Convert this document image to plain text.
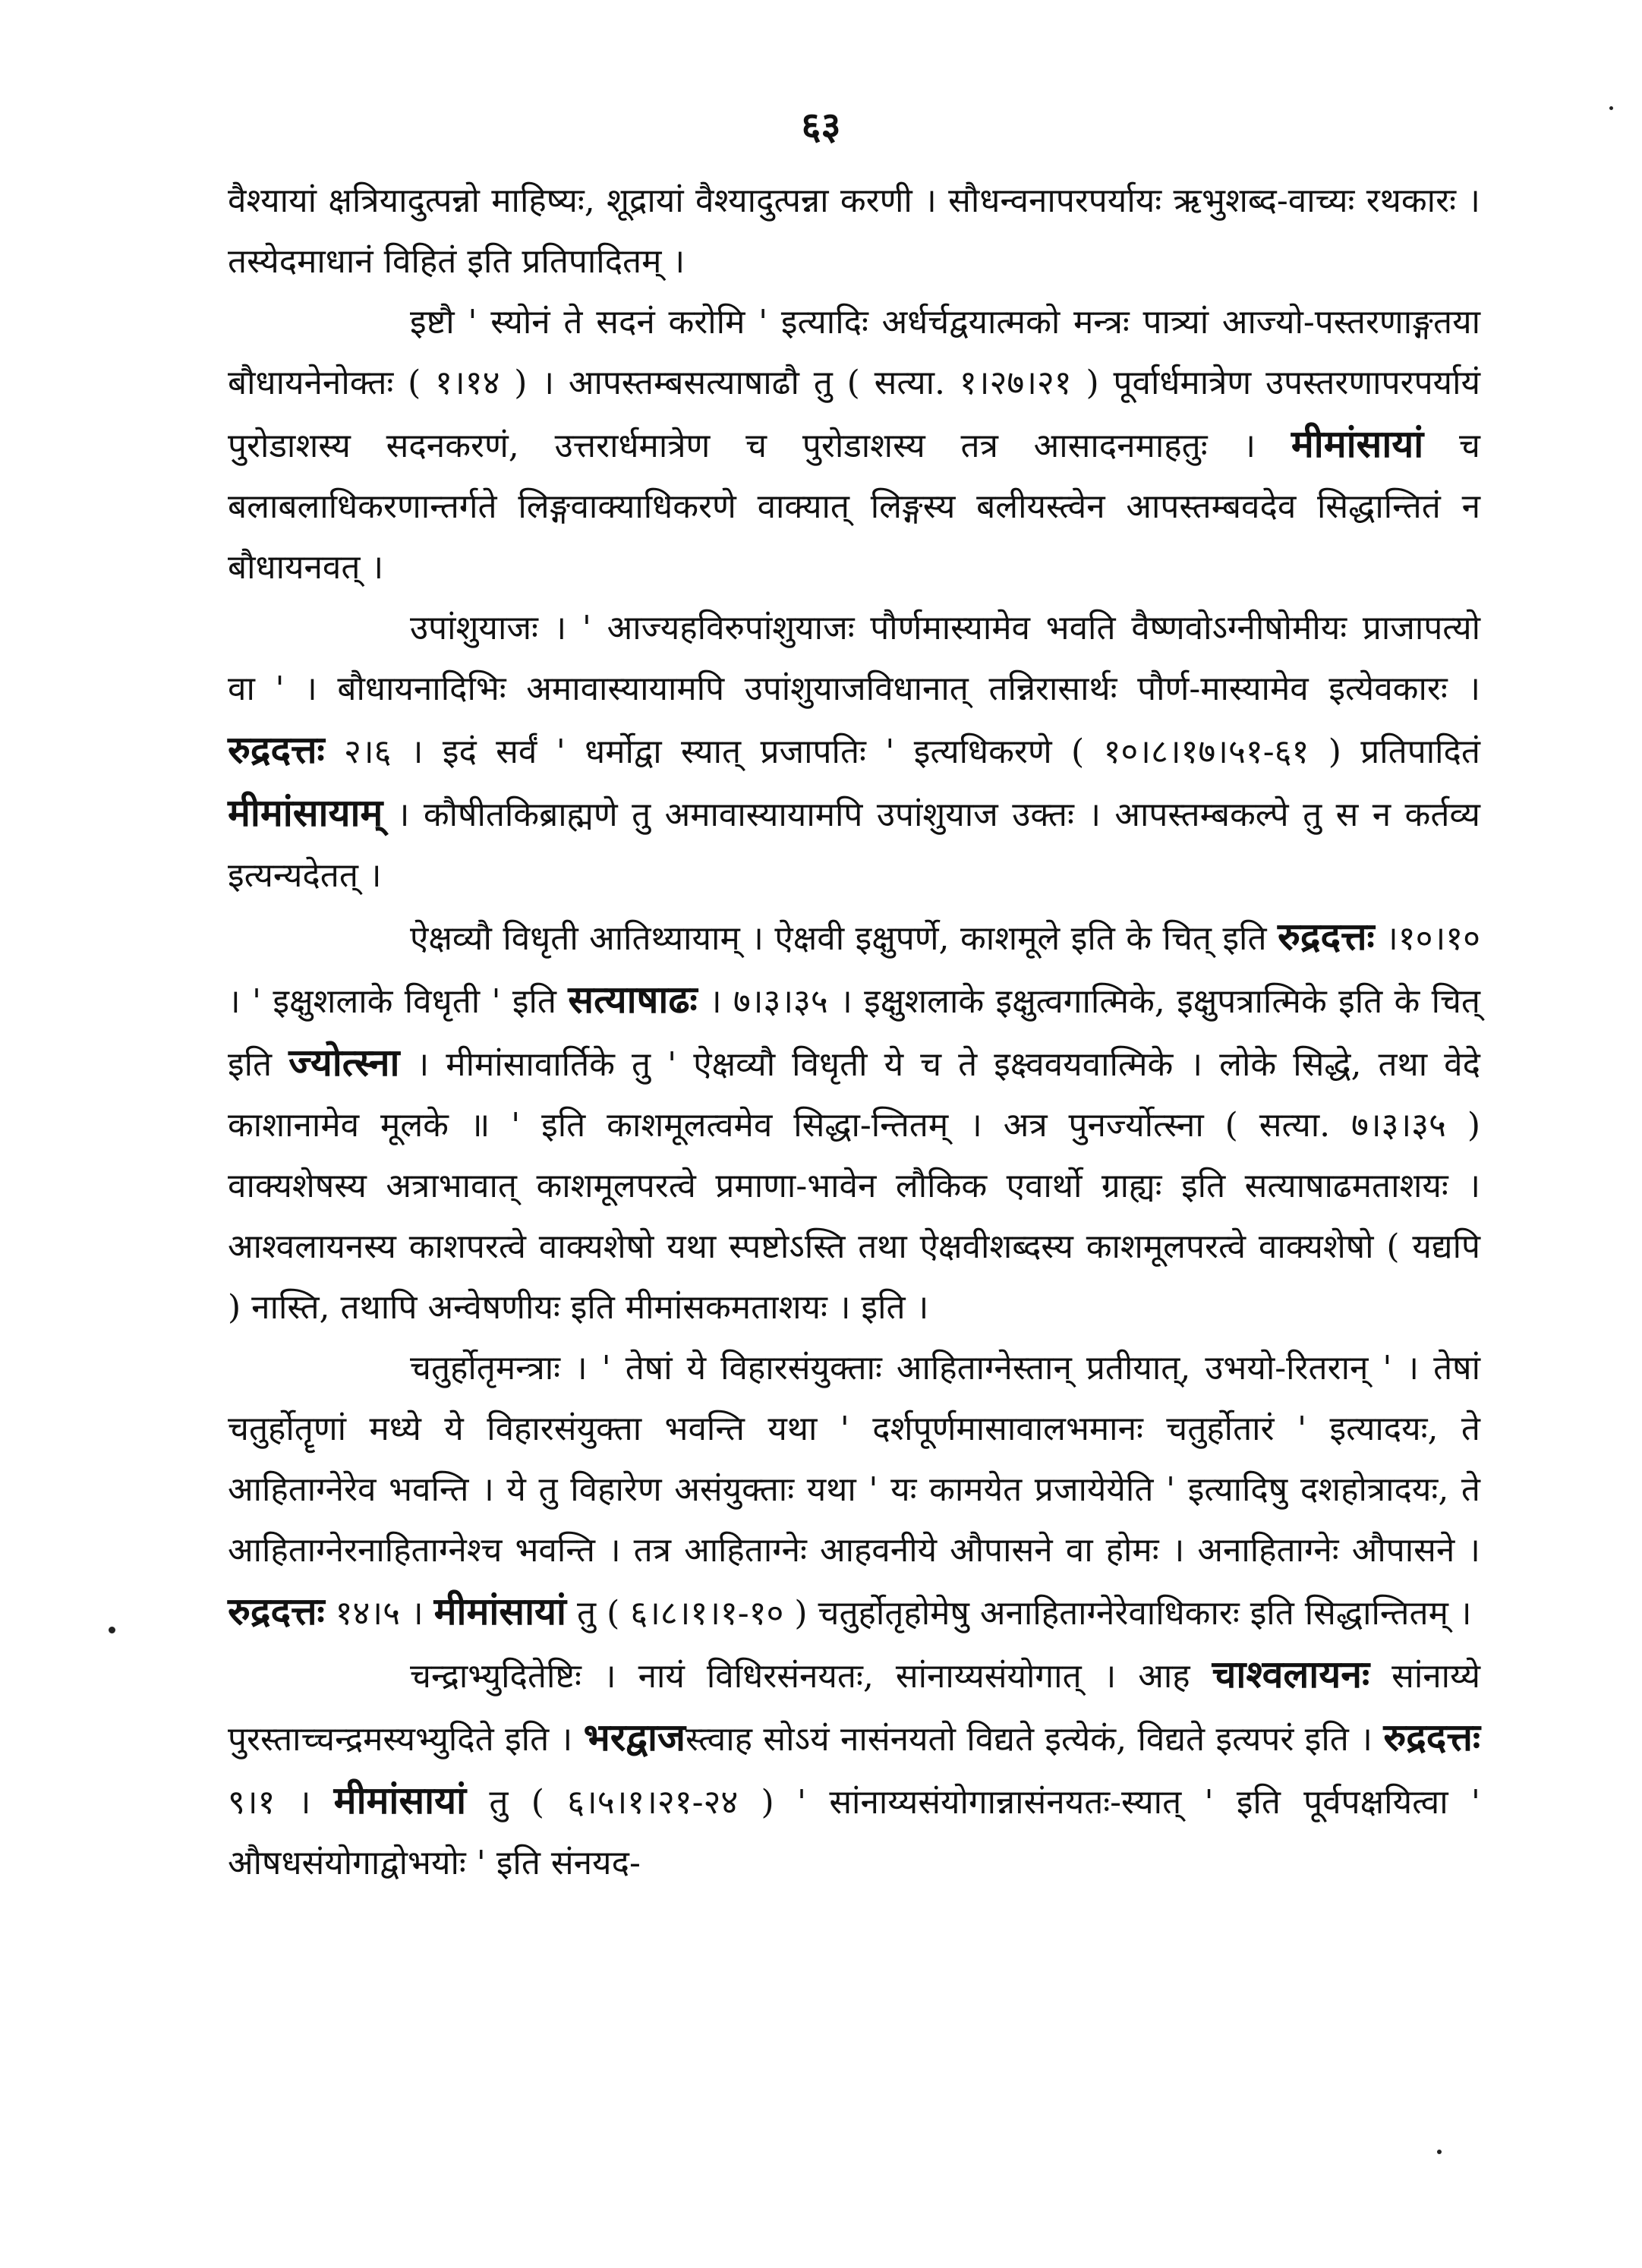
६३

वैश्यायां क्षत्रियादुत्पन्नो माहिष्यः, शूद्रायां वैश्यादुत्पन्ना करणी । सौधन्वनापरपर्यायः ऋभुशब्द-वाच्यः रथकारः । तस्येदमाधानं विहितं इति प्रतिपादितम् ।

इष्टौ ' स्योनं ते सदनं करोमि ' इत्यादिः अर्धर्चद्वयात्मको मन्त्रः पात्र्यां आज्यो-पस्तरणाङ्गतया बौधायनेनोक्तः ( १।१४ ) । आपस्तम्बसत्याषाढौ तु ( सत्या. १।२७।२१ ) पूर्वार्धमात्रेण उपस्तरणापरपर्यायं पुरोडाशस्य सदनकरणं, उत्तरार्धमात्रेण च पुरोडाशस्य तत्र आसादनमाहतुः । मीमांसायां च बलाबलाधिकरणान्तर्गते लिङ्गवाक्याधिकरणे वाक्यात् लिङ्गस्य बलीयस्त्वेन आपस्तम्बवदेव सिद्धान्तितं न बौधायनवत् ।

उपांशुयाजः । ' आज्यहविरुपांशुयाजः पौर्णमास्यामेव भवति वैष्णवोऽग्नीषोमीयः प्राजापत्यो वा ' । बौधायनादिभिः अमावास्यायामपि उपांशुयाजविधानात् तन्निरासार्थः पौर्ण-मास्यामेव इत्येवकारः । रुद्रदत्तः २।६ । इदं सर्वं ' धर्मोद्वा स्यात् प्रजापतिः ' इत्यधिकरणे ( १०।८।१७।५१-६१ ) प्रतिपादितं मीमांसायाम् । कौषीतकिब्राह्मणे तु अमावास्यायामपि उपांशुयाज उक्तः । आपस्तम्बकल्पे तु स न कर्तव्य इत्यन्यदेतत् ।

ऐक्षव्यौ विधृती आतिथ्यायाम् । ऐक्षवी इक्षुपर्णे, काशमूले इति के चित् इति रुद्रदत्तः ।१०।१० । ' इक्षुशलाके विधृती ' इति सत्याषाढः । ७।३।३५ । इक्षुशलाके इक्षुत्वगात्मिके, इक्षुपत्रात्मिके इति के चित् इति ज्योत्स्ना । मीमांसावार्तिके तु ' ऐक्षव्यौ विधृती ये च ते इक्ष्ववयवात्मिके । लोके सिद्धे, तथा वेदे काशानामेव मूलके ॥ ' इति काशमूलत्वमेव सिद्धा-न्तितम् । अत्र पुनर्ज्योत्स्ना ( सत्या. ७।३।३५ ) वाक्यशेषस्य अत्राभावात् काशमूलपरत्वे प्रमाणा-भावेन लौकिक एवार्थो ग्राह्यः इति सत्याषाढमताशयः । आश्वलायनस्य काशपरत्वे वाक्यशेषो यथा स्पष्टोऽस्ति तथा ऐक्षवीशब्दस्य काशमूलपरत्वे वाक्यशेषो ( यद्यपि ) नास्ति, तथापि अन्वेषणीयः इति मीमांसकमताशयः । इति ।

चतुर्होतृमन्त्राः । ' तेषां ये विहारसंयुक्ताः आहिताग्नेस्तान् प्रतीयात्, उभयो-रितरान् ' । तेषां चतुर्होतॄणां मध्ये ये विहारसंयुक्ता भवन्ति यथा ' दर्शपूर्णमासावालभमानः चतुर्होतारं ' इत्यादयः, ते आहिताग्नेरेव भवन्ति । ये तु विहारेण असंयुक्ताः यथा ' यः कामयेत प्रजायेयेति ' इत्यादिषु दशहोत्रादयः, ते आहिताग्नेरनाहिताग्नेश्च भवन्ति । तत्र आहिताग्नेः आहवनीये औपासने वा होमः । अनाहिताग्नेः औपासने । रुद्रदत्तः १४।५ । मीमांसायां तु ( ६।८।१।१-१० ) चतुर्होतृहोमेषु अनाहिताग्नेरेवाधिकारः इति सिद्धान्तितम् ।

चन्द्राभ्युदितेष्टिः । नायं विधिरसंनयतः, सांनाय्यसंयोगात् । आह चाश्वलायनः सांनाय्ये पुरस्ताच्चन्द्रमस्यभ्युदिते इति । भरद्वाजस्त्वाह सोऽयं नासंनयतो विद्यते इत्येकं, विद्यते इत्यपरं इति । रुद्रदत्तः ९।१ । मीमांसायां तु ( ६।५।१।२१-२४ ) ' सांनाय्यसंयोगान्नासंनयतः-स्यात् ' इति पूर्वपक्षयित्वा ' औषधसंयोगाद्वोभयोः ' इति संनयद-
